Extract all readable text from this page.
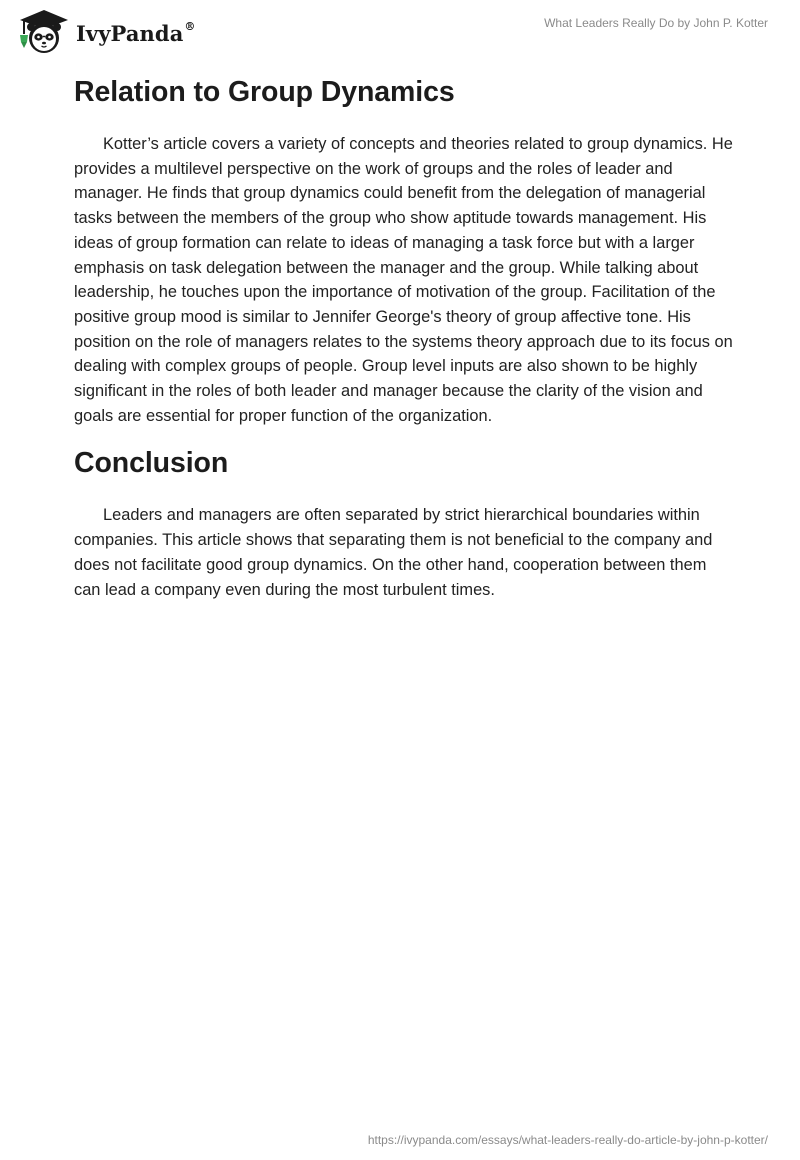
IvyPanda®	What Leaders Really Do by John P. Kotter
Relation to Group Dynamics

Kotter’s article covers a variety of concepts and theories related to group dynamics. He provides a multilevel perspective on the work of groups and the roles of leader and manager. He finds that group dynamics could benefit from the delegation of managerial tasks between the members of the group who show aptitude towards management. His ideas of group formation can relate to ideas of managing a task force but with a larger emphasis on task delegation between the manager and the group. While talking about leadership, he touches upon the importance of motivation of the group. Facilitation of the positive group mood is similar to Jennifer George's theory of group affective tone. His position on the role of managers relates to the systems theory approach due to its focus on dealing with complex groups of people. Group level inputs are also shown to be highly significant in the roles of both leader and manager because the clarity of the vision and goals are essential for proper function of the organization.

Conclusion

Leaders and managers are often separated by strict hierarchical boundaries within companies. This article shows that separating them is not beneficial to the company and does not facilitate good group dynamics. On the other hand, cooperation between them can lead a company even during the most turbulent times.

https://ivypanda.com/essays/what-leaders-really-do-article-by-john-p-kotter/
